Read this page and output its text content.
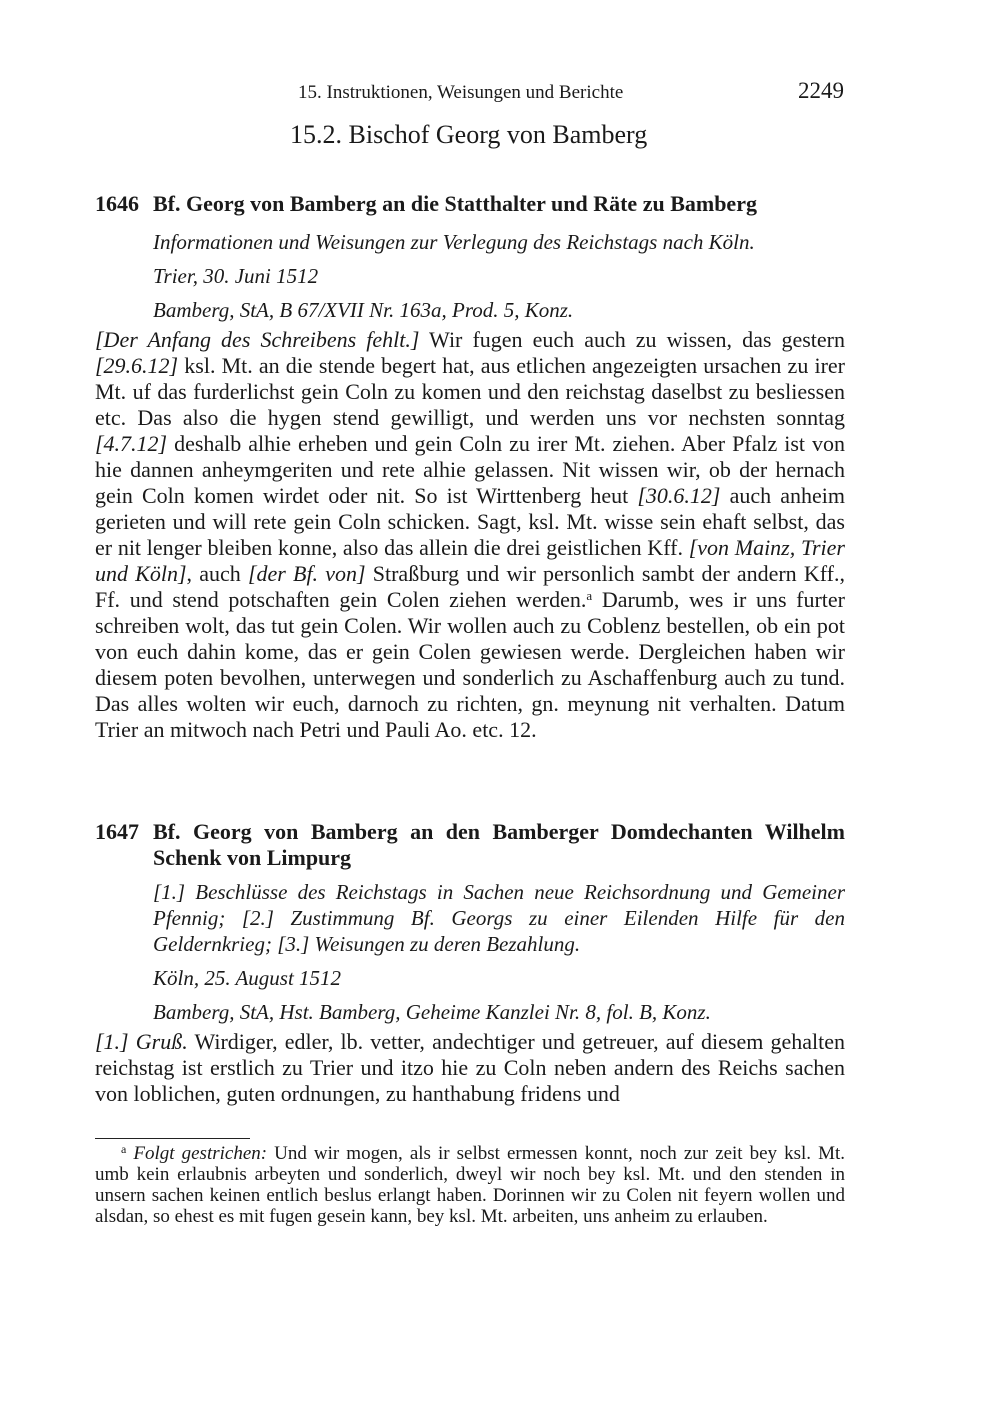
15. Instruktionen, Weisungen und Berichte	2249
15.2. Bischof Georg von Bamberg
1646 Bf. Georg von Bamberg an die Statthalter und Räte zu Bamberg
Informationen und Weisungen zur Verlegung des Reichstags nach Köln.
Trier, 30. Juni 1512
Bamberg, StA, B 67/XVII Nr. 163a, Prod. 5, Konz.

[Der Anfang des Schreibens fehlt.] Wir fugen euch auch zu wissen, das gestern [29.6.12] ksl. Mt. an die stende begert hat, aus etlichen angezeigten ursachen zu irer Mt. uf das furderlichst gein Coln zu komen und den reichstag daselbst zu besliessen etc. Das also die hygen stend gewilligt, und werden uns vor nechsten sonntag [4.7.12] deshalb alhie erheben und gein Coln zu irer Mt. ziehen. Aber Pfalz ist von hie dannen anheymgeriten und rete alhie gelassen. Nit wissen wir, ob der hernach gein Coln komen wirdet oder nit. So ist Wirttenberg heut [30.6.12] auch anheim gerieten und will rete gein Coln schicken. Sagt, ksl. Mt. wisse sein ehaft selbst, das er nit lenger bleiben konne, also das allein die drei geistlichen Kff. [von Mainz, Trier und Köln], auch [der Bf. von] Straßburg und wir personlich sambt der andern Kff., Ff. und stend potschaften gein Colen ziehen werden.$^a$ Darumb, wes ir uns furter schreiben wolt, das tut gein Colen. Wir wollen auch zu Coblenz bestellen, ob ein pot von euch dahin kome, das er gein Colen gewiesen werde. Dergleichen haben wir diesem poten bevolhen, unterwegen und sonderlich zu Aschaffenburg auch zu tund. Das alles wolten wir euch, darnoch zu richten, gn. meynung nit verhalten. Datum Trier an mitwoch nach Petri und Pauli Ao. etc. 12.

1647 Bf. Georg von Bamberg an den Bamberger Domdechanten Wilhelm Schenk von Limpurg
[1.] Beschlüsse des Reichstags in Sachen neue Reichsordnung und Gemeiner Pfennig; [2.] Zustimmung Bf. Georgs zu einer Eilenden Hilfe für den Geldernkrieg; [3.] Weisungen zu deren Bezahlung.
Köln, 25. August 1512
Bamberg, StA, Hst. Bamberg, Geheime Kanzlei Nr. 8, fol. B, Konz.

[1.] Gruß. Wirdiger, edler, lb. vetter, andechtiger und getreuer, auf diesem gehalten reichstag ist erstlich zu Trier und itzo hie zu Coln neben andern des Reichs sachen von loblichen, guten ordnungen, zu hanthabung fridens und

$^a$ Folgt gestrichen: Und wir mogen, als ir selbst ermessen konnt, noch zur zeit bey ksl. Mt. umb kein erlaubnis arbeyten und sonderlich, dweyl wir noch bey ksl. Mt. und den stenden in unsern sachen keinen entlich beslus erlangt haben. Dorinnen wir zu Colen nit feyern wollen und alsdan, so ehest es mit fugen gesein kann, bey ksl. Mt. arbeiten, uns anheim zu erlauben.
